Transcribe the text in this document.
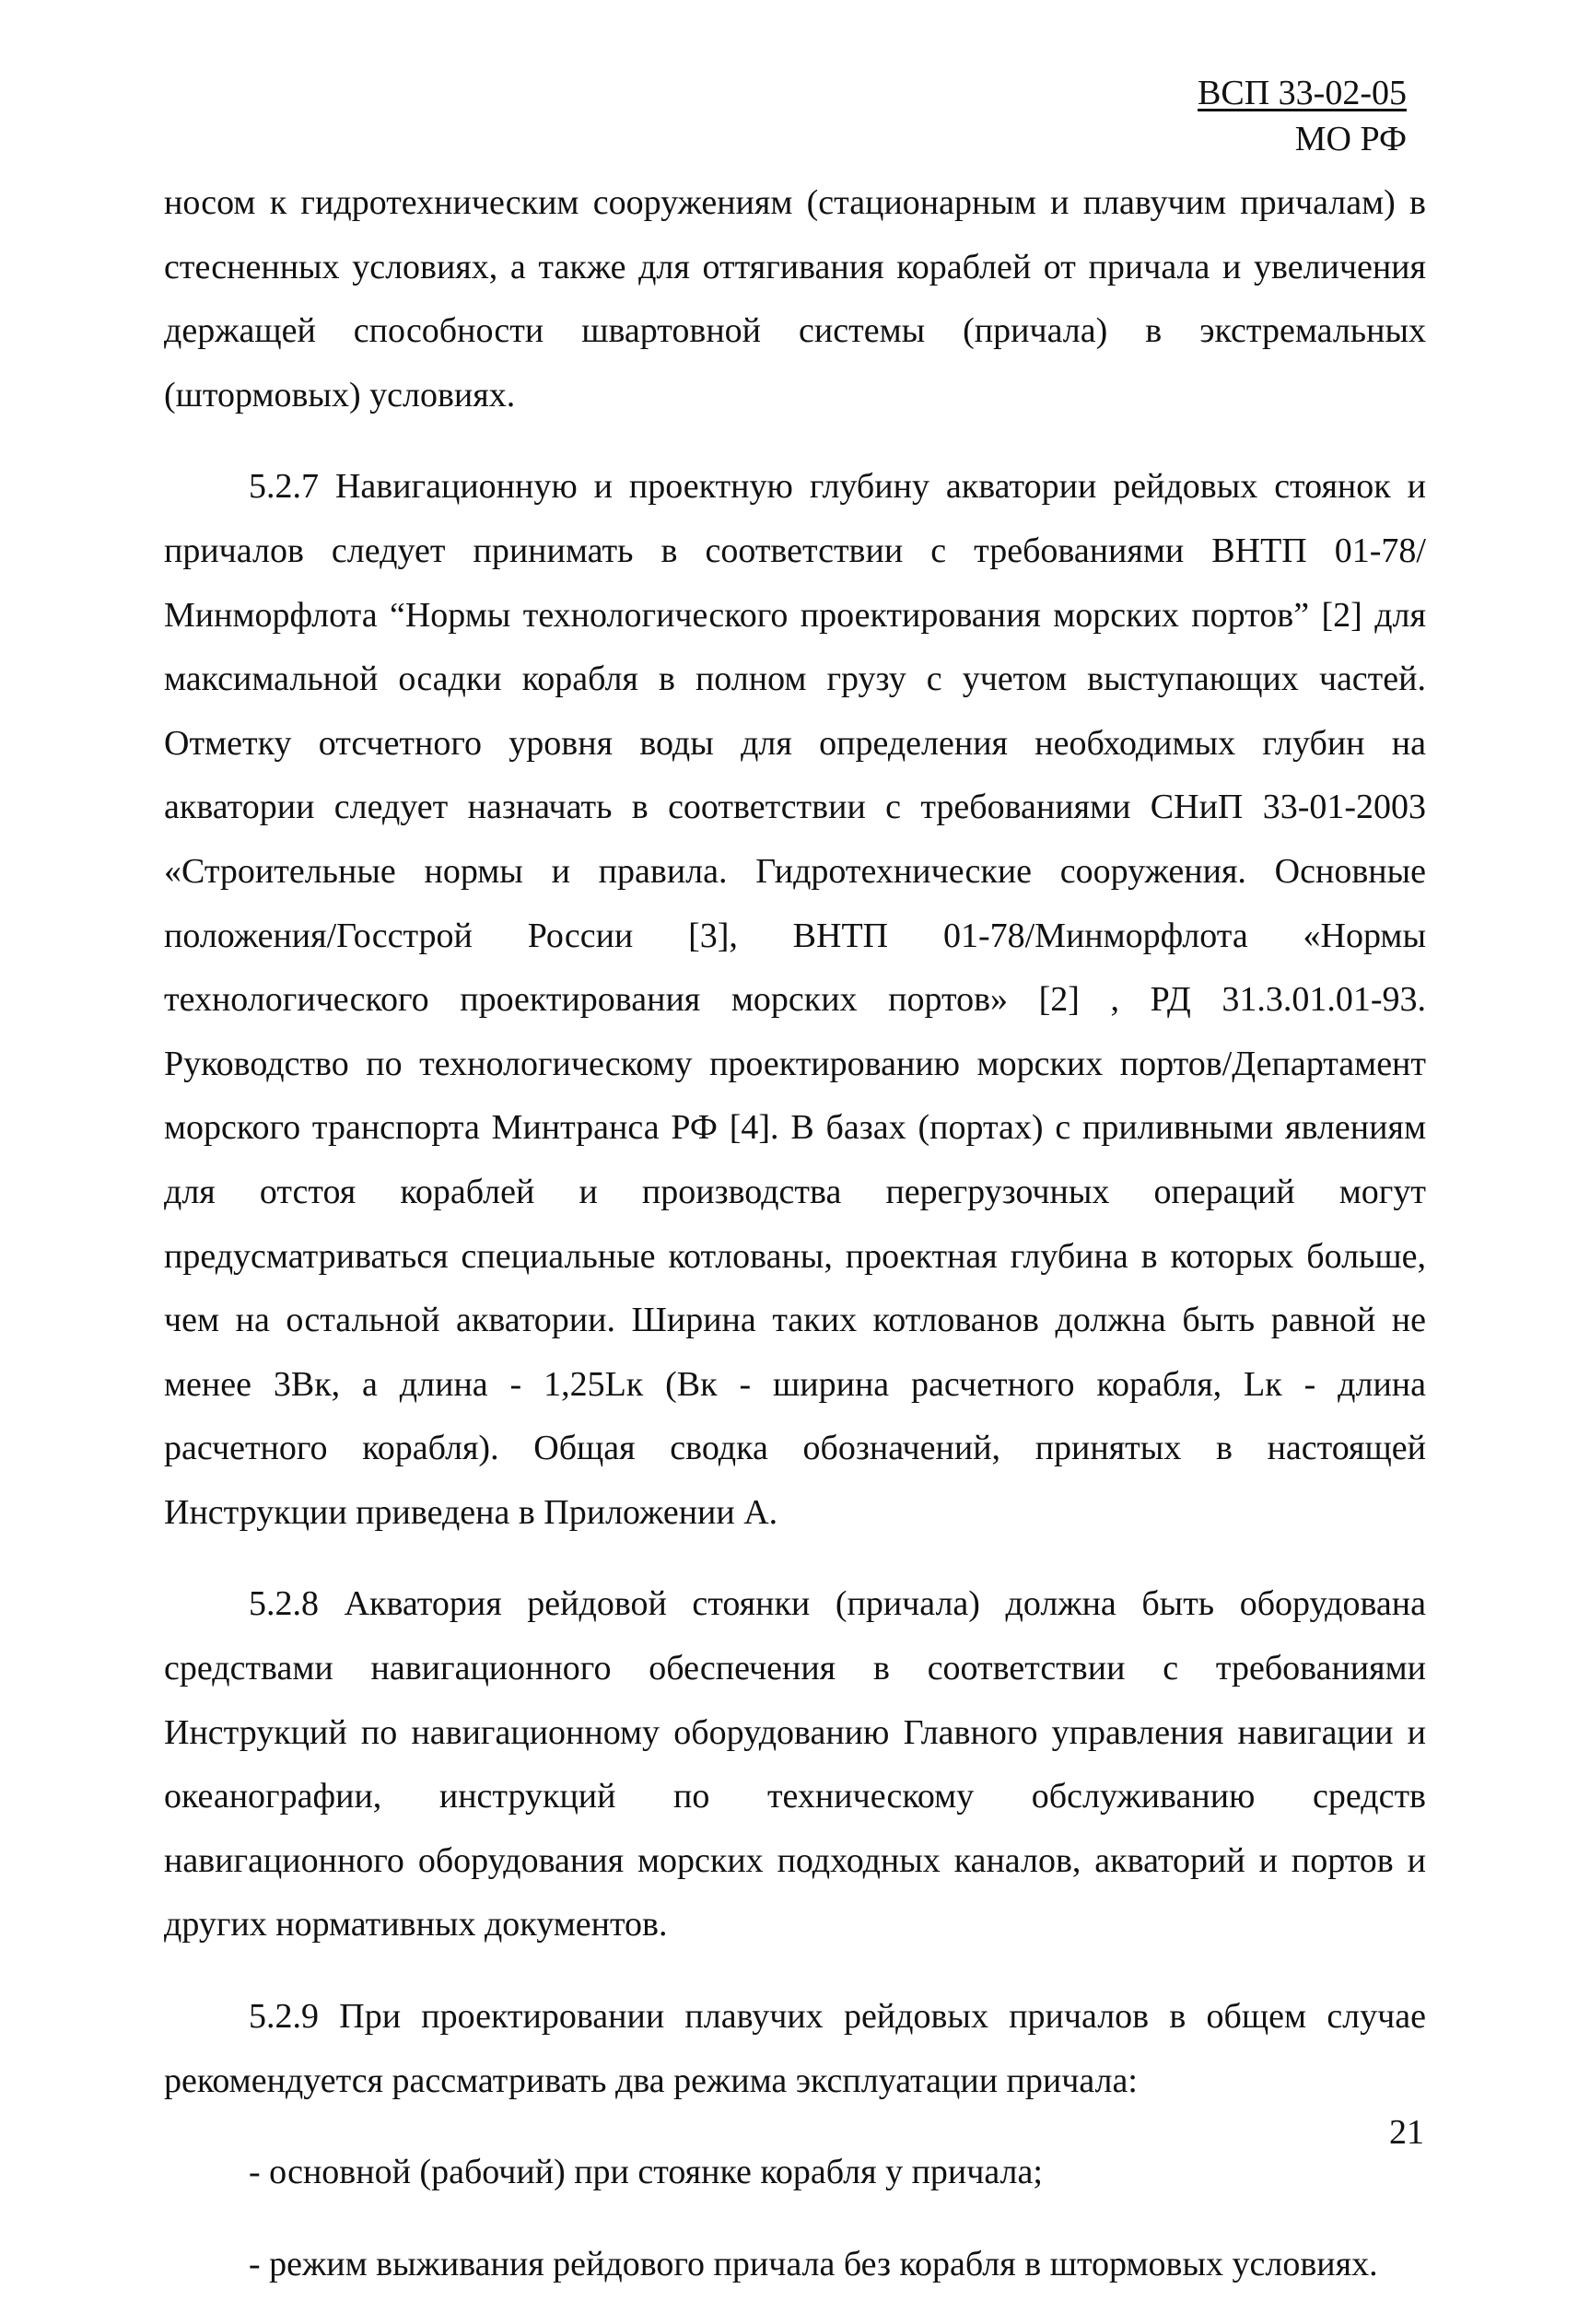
ВСП 33-02-05
МО РФ

носом к гидротехническим сооружениям (стационарным и плавучим причалам) в стесненных условиях, а также для оттягивания кораблей от причала и увеличения держащей способности швартовной системы (причала) в экстремальных (штормовых) условиях.

5.2.7 Навигационную и проектную глубину акватории рейдовых стоянок и причалов следует принимать в соответствии с требованиями ВНТП 01-78/Минморфлота “Нормы технологического проектирования морских портов” [2] для максимальной осадки корабля в полном грузу с учетом выступающих частей. Отметку отсчетного уровня воды для определения необходимых глубин на акватории следует назначать в соответствии с требованиями СНиП 33-01-2003 «Строительные нормы и правила. Гидротехнические сооружения. Основные положения/Госстрой России [3], ВНТП 01-78/Минморфлота «Нормы технологического проектирования морских портов» [2] , РД 31.3.01.01-93. Руководство по технологическому проектированию морских портов/Департамент морского транспорта Минтранса РФ [4]. В базах (портах) с приливными явлениям для отстоя кораблей и производства перегрузочных операций могут предусматриваться специальные котлованы, проектная глубина в которых больше, чем на остальной акватории. Ширина таких котлованов должна быть равной не менее 3Bк, а длина - 1,25Lк (Bк - ширина расчетного корабля, Lк - длина расчетного корабля). Общая сводка обозначений, принятых в настоящей Инструкции приведена в Приложении А.

5.2.8 Акватория рейдовой стоянки (причала) должна быть оборудована средствами навигационного обеспечения в соответствии с требованиями Инструкций по навигационному оборудованию Главного управления навигации и океанографии, инструкций по техническому обслуживанию средств навигационного оборудования морских подходных каналов, акваторий и портов и других нормативных документов.

5.2.9 При проектировании плавучих рейдовых причалов в общем случае рекомендуется рассматривать два режима эксплуатации причала:

- основной (рабочий) при стоянке корабля у причала;

- режим выживания рейдового причала без корабля в штормовых условиях.

21
